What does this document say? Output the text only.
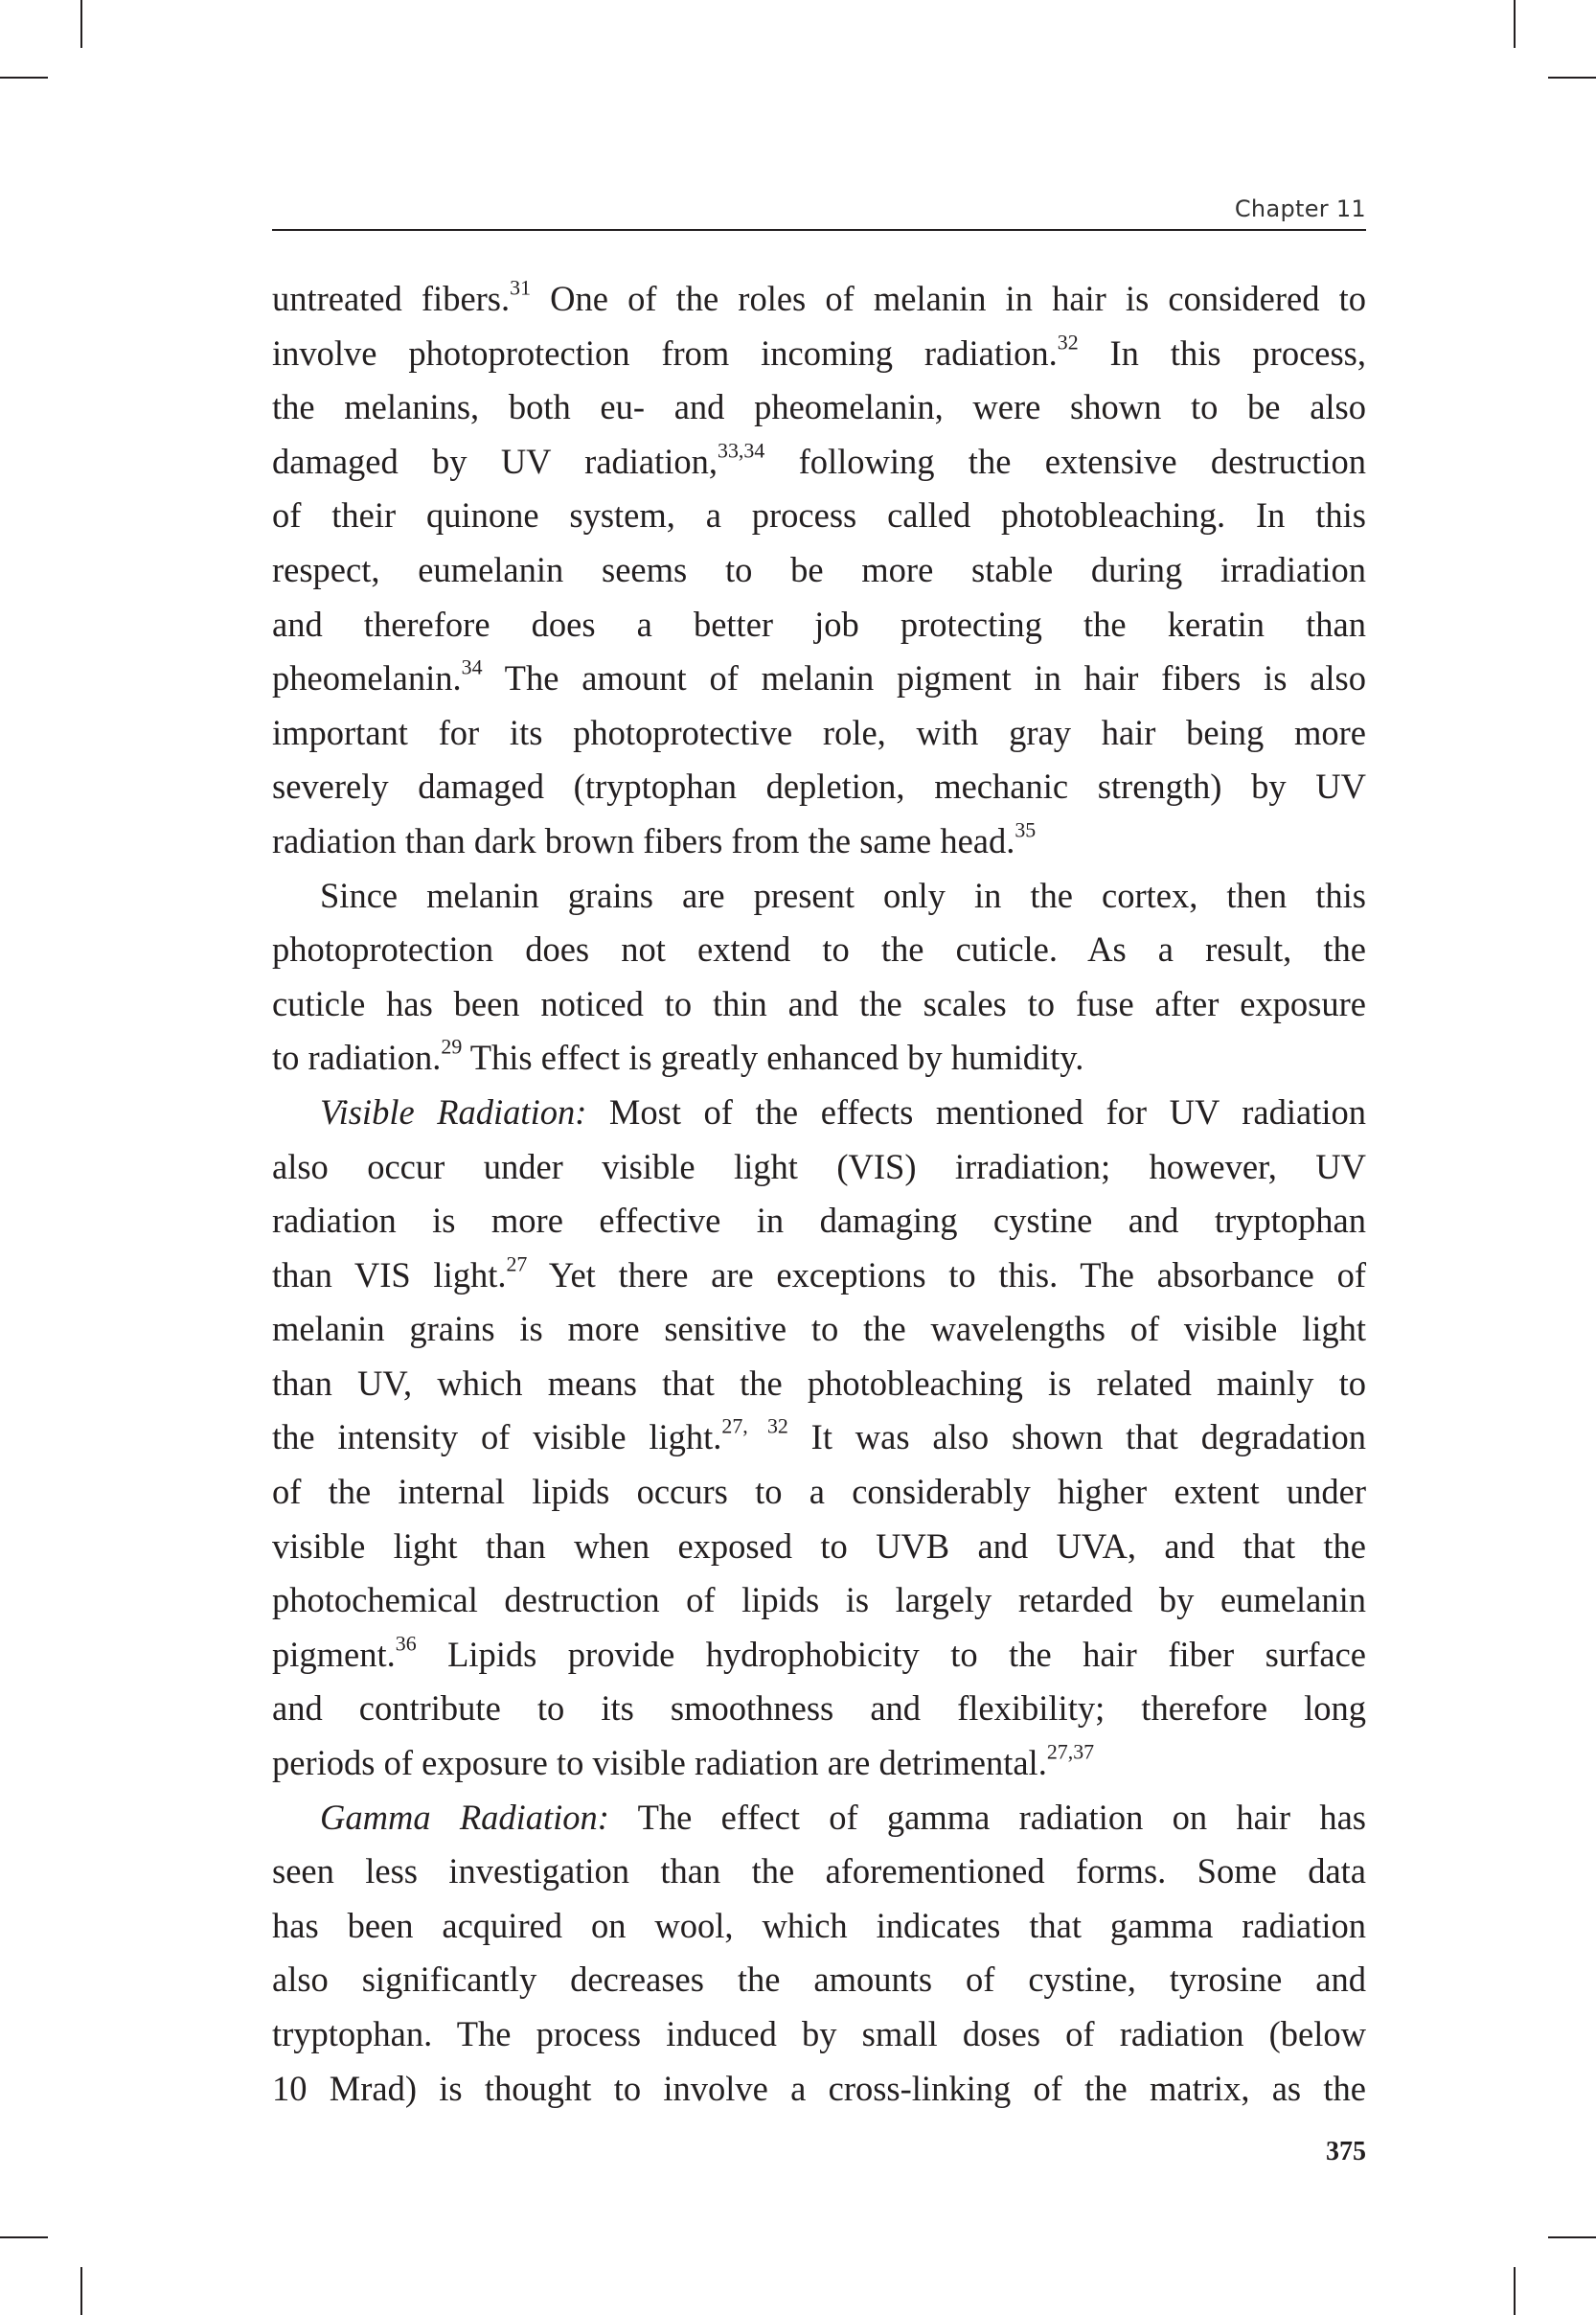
Chapter 11
untreated fibers.$^{31}$ One of the roles of melanin in hair is considered to
involve photoprotection from incoming radiation.$^{32}$ In this process,
the melanins, both eu- and pheomelanin, were shown to be also
damaged by UV radiation,$^{33,34}$ following the extensive destruction
of their quinone system, a process called photobleaching. In this
respect, eumelanin seems to be more stable during irradiation
and therefore does a better job protecting the keratin than
pheomelanin.$^{34}$ The amount of melanin pigment in hair fibers is also
important for its photoprotective role, with gray hair being more
severely damaged (tryptophan depletion, mechanic strength) by UV
radiation than dark brown fibers from the same head.$^{35}$
Since melanin grains are present only in the cortex, then this
photoprotection does not extend to the cuticle. As a result, the
cuticle has been noticed to thin and the scales to fuse after exposure
to radiation.$^{29}$ This effect is greatly enhanced by humidity.
Visible Radiation: Most of the effects mentioned for UV radiation
also occur under visible light (VIS) irradiation; however, UV
radiation is more effective in damaging cystine and tryptophan
than VIS light.$^{27}$ Yet there are exceptions to this. The absorbance of
melanin grains is more sensitive to the wavelengths of visible light
than UV, which means that the photobleaching is related mainly to
the intensity of visible light.$^{27, 32}$ It was also shown that degradation
of the internal lipids occurs to a considerably higher extent under
visible light than when exposed to UVB and UVA, and that the
photochemical destruction of lipids is largely retarded by eumelanin
pigment.$^{36}$ Lipids provide hydrophobicity to the hair fiber surface
and contribute to its smoothness and flexibility; therefore long
periods of exposure to visible radiation are detrimental.$^{27,37}$
Gamma Radiation: The effect of gamma radiation on hair has
seen less investigation than the aforementioned forms. Some data
has been acquired on wool, which indicates that gamma radiation
also significantly decreases the amounts of cystine, tyrosine and
tryptophan. The process induced by small doses of radiation (below
10 Mrad) is thought to involve a cross-linking of the matrix, as the
375
